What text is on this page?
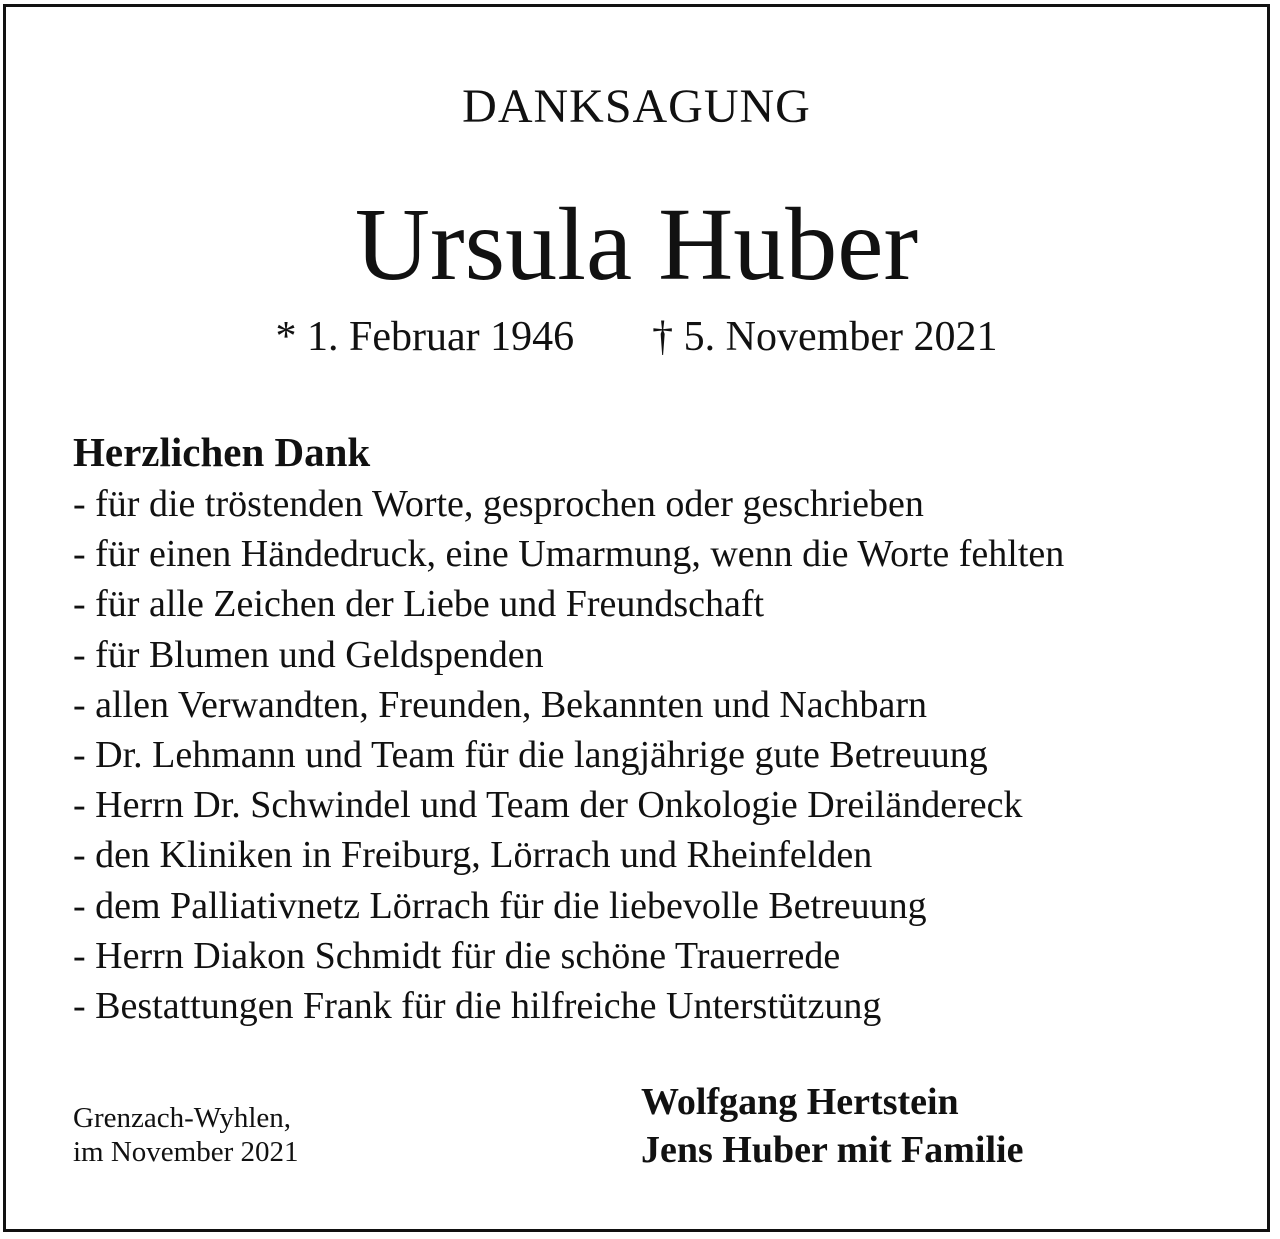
DANKSAGUNG
Ursula Huber
* 1. Februar 1946 † 5. November 2021
Herzlichen Dank
- für die tröstenden Worte, gesprochen oder geschrieben
- für einen Händedruck, eine Umarmung, wenn die Worte fehlten
- für alle Zeichen der Liebe und Freundschaft
- für Blumen und Geldspenden
- allen Verwandten, Freunden, Bekannten und Nachbarn
- Dr. Lehmann und Team für die langjährige gute Betreuung
- Herrn Dr. Schwindel und Team der Onkologie Dreiländereck
- den Kliniken in Freiburg, Lörrach und Rheinfelden
- dem Palliativnetz Lörrach für die liebevolle Betreuung
- Herrn Diakon Schmidt für die schöne Trauerrede
- Bestattungen Frank für die hilfreiche Unterstützung
Grenzach-Wyhlen,
im November 2021
Wolfgang Hertstein
Jens Huber mit Familie
